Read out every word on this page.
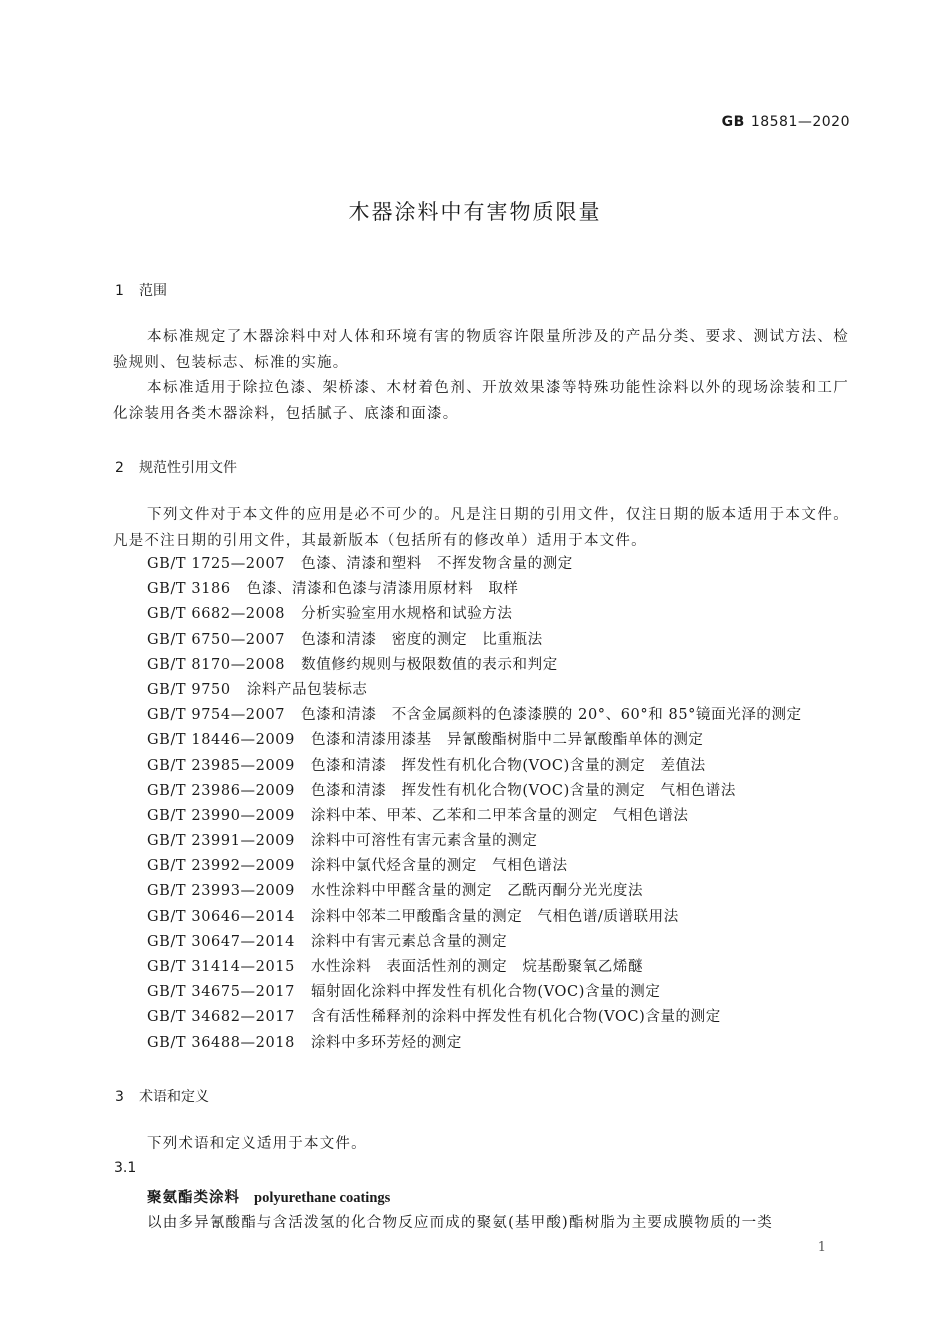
GB 18581—2020
木器涂料中有害物质限量
1 范围

本标准规定了木器涂料中对人体和环境有害的物质容许限量所涉及的产品分类、要求、测试方法、检验规则、包装标志、标准的实施。

本标准适用于除拉色漆、架桥漆、木材着色剂、开放效果漆等特殊功能性涂料以外的现场涂装和工厂化涂装用各类木器涂料，包括腻子、底漆和面漆。

2 规范性引用文件

下列文件对于本文件的应用是必不可少的。凡是注日期的引用文件，仅注日期的版本适用于本文件。凡是不注日期的引用文件，其最新版本（包括所有的修改单）适用于本文件。

GB/T 1725—2007 色漆、清漆和塑料　不挥发物含量的测定
GB/T 3186 色漆、清漆和色漆与清漆用原材料　取样
GB/T 6682—2008 分析实验室用水规格和试验方法
GB/T 6750—2007 色漆和清漆　密度的测定　比重瓶法
GB/T 8170—2008 数值修约规则与极限数值的表示和判定
GB/T 9750 涂料产品包装标志
GB/T 9754—2007 色漆和清漆　不含金属颜料的色漆漆膜的 20°、60°和 85°镜面光泽的测定
GB/T 18446—2009 色漆和清漆用漆基　异氰酸酯树脂中二异氰酸酯单体的测定
GB/T 23985—2009 色漆和清漆　挥发性有机化合物(VOC)含量的测定　差值法
GB/T 23986—2009 色漆和清漆　挥发性有机化合物(VOC)含量的测定　气相色谱法
GB/T 23990—2009 涂料中苯、甲苯、乙苯和二甲苯含量的测定　气相色谱法
GB/T 23991—2009 涂料中可溶性有害元素含量的测定
GB/T 23992—2009 涂料中氯代烃含量的测定　气相色谱法
GB/T 23993—2009 水性涂料中甲醛含量的测定　乙酰丙酮分光光度法
GB/T 30646—2014 涂料中邻苯二甲酸酯含量的测定　气相色谱/质谱联用法
GB/T 30647—2014 涂料中有害元素总含量的测定
GB/T 31414—2015 水性涂料　表面活性剂的测定　烷基酚聚氧乙烯醚
GB/T 34675—2017 辐射固化涂料中挥发性有机化合物(VOC)含量的测定
GB/T 34682—2017 含有活性稀释剂的涂料中挥发性有机化合物(VOC)含量的测定
GB/T 36488—2018 涂料中多环芳烃的测定
3 术语和定义

下列术语和定义适用于本文件。

3.1
聚氨酯类涂料 polyurethane coatings
以由多异氰酸酯与含活泼氢的化合物反应而成的聚氨(基甲酸)酯树脂为主要成膜物质的一类
1
